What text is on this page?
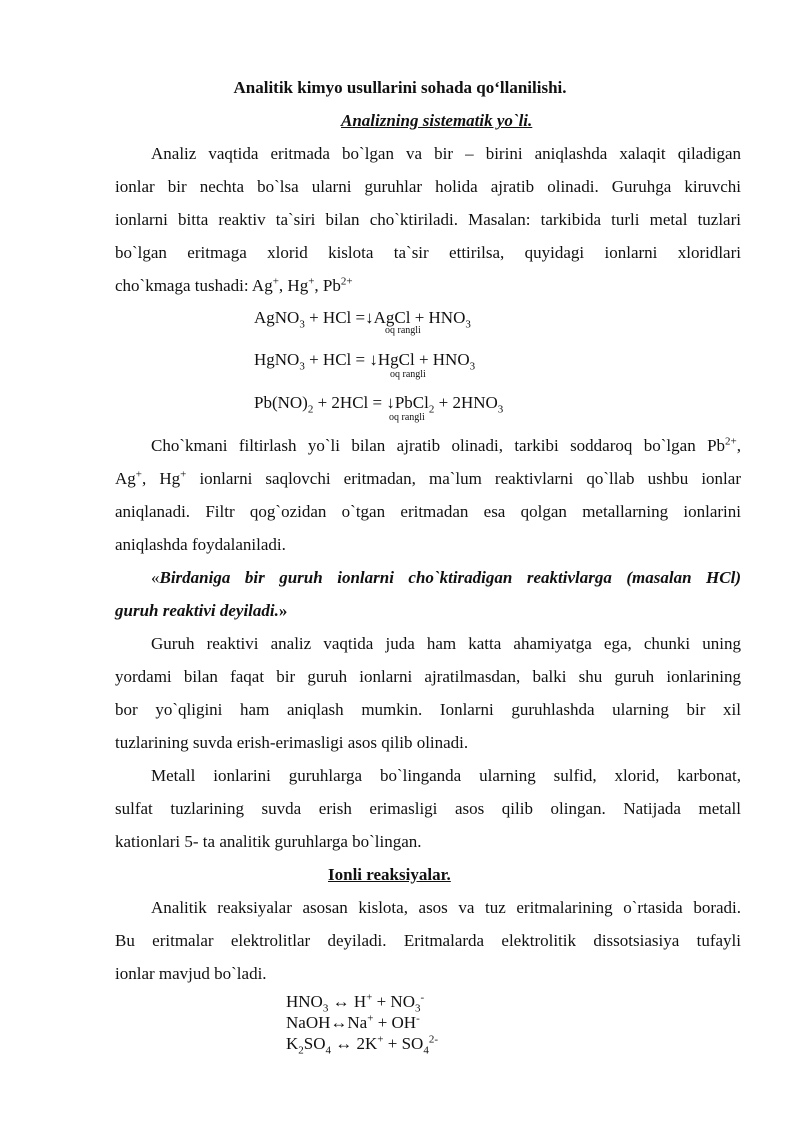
Analitik kimyo usullarini sohada qo‘llanilishi.
Analizning sistematik yo`li.
Analiz vaqtida eritmada bo`lgan va bir – birini aniqlashda xalaqit qiladigan
ionlar bir nechta bo`lsa ularni guruhlar holida ajratib olinadi. Guruhga kiruvchi
ionlarni bitta reaktiv ta`siri bilan cho`ktiriladi. Masalan: tarkibida turli metal tuzlari
bo`lgan eritmaga xlorid kislota ta`sir ettirilsa, quyidagi ionlarni xloridlari
cho`kmaga tushadi: Ag+, Hg+, $Pb^{2+}$
AgNO$_3$ + HCl =↓AgCl + $HNO_3$
oq rangli
HgNO$_3$ + HCl = ↓HgCl + $HNO_3$
oq rangli
$Pb(NO)_2 + 2HCl$ = ↓PbCl$_2$ + $2HNO_3$
oq rangli
Cho`kmani filtirlash yo`li bilan ajratib olinadi, tarkibi soddaroq bo`lgan $Pb^{2+}$,
Ag+, Hg+ ionlarni saqlovchi eritmadan, ma`lum reaktivlarni qo`llab ushbu ionlar
aniqlanadi. Filtr qog`ozidan o`tgan eritmadan esa qolgan metallarning ionlarini
aniqlashda foydalaniladi.
«Birdaniga bir guruh ionlarni cho`ktiradigan reaktivlarga (masalan HCl)
guruh reaktivi deyiladi.»
Guruh reaktivi analiz vaqtida juda ham katta ahamiyatga ega, chunki uning
yordami bilan faqat bir guruh ionlarni ajratilmasdan, balki shu guruh ionlarining
bor yo`qligini ham aniqlash mumkin. Ionlarni guruhlashda ularning bir xil
tuzlarining suvda erish-erimasligi asos qilib olinadi.
Metall ionlarini guruhlarga bo`linganda ularning sulfid, xlorid, karbonat,
sulfat tuzlarining suvda erish erimasligi asos qilib olingan. Natijada metall
kationlari 5- ta analitik guruhlarga bo`lingan.
Ionli reaksiyalar.
Analitik reaksiyalar asosan kislota, asos va tuz eritmalarining o`rtasida boradi.
Bu eritmalar elektrolitlar deyiladi. Eritmalarda elektrolitik dissotsiasiya tufayli
ionlar mavjud bo`ladi.
$HNO_3$ ↔ $H^+ + NO_3^-$
NaOH↔Na+ + OH-
$K_2SO_4$ ↔ $2K^+ + SO_4^{2-}$
